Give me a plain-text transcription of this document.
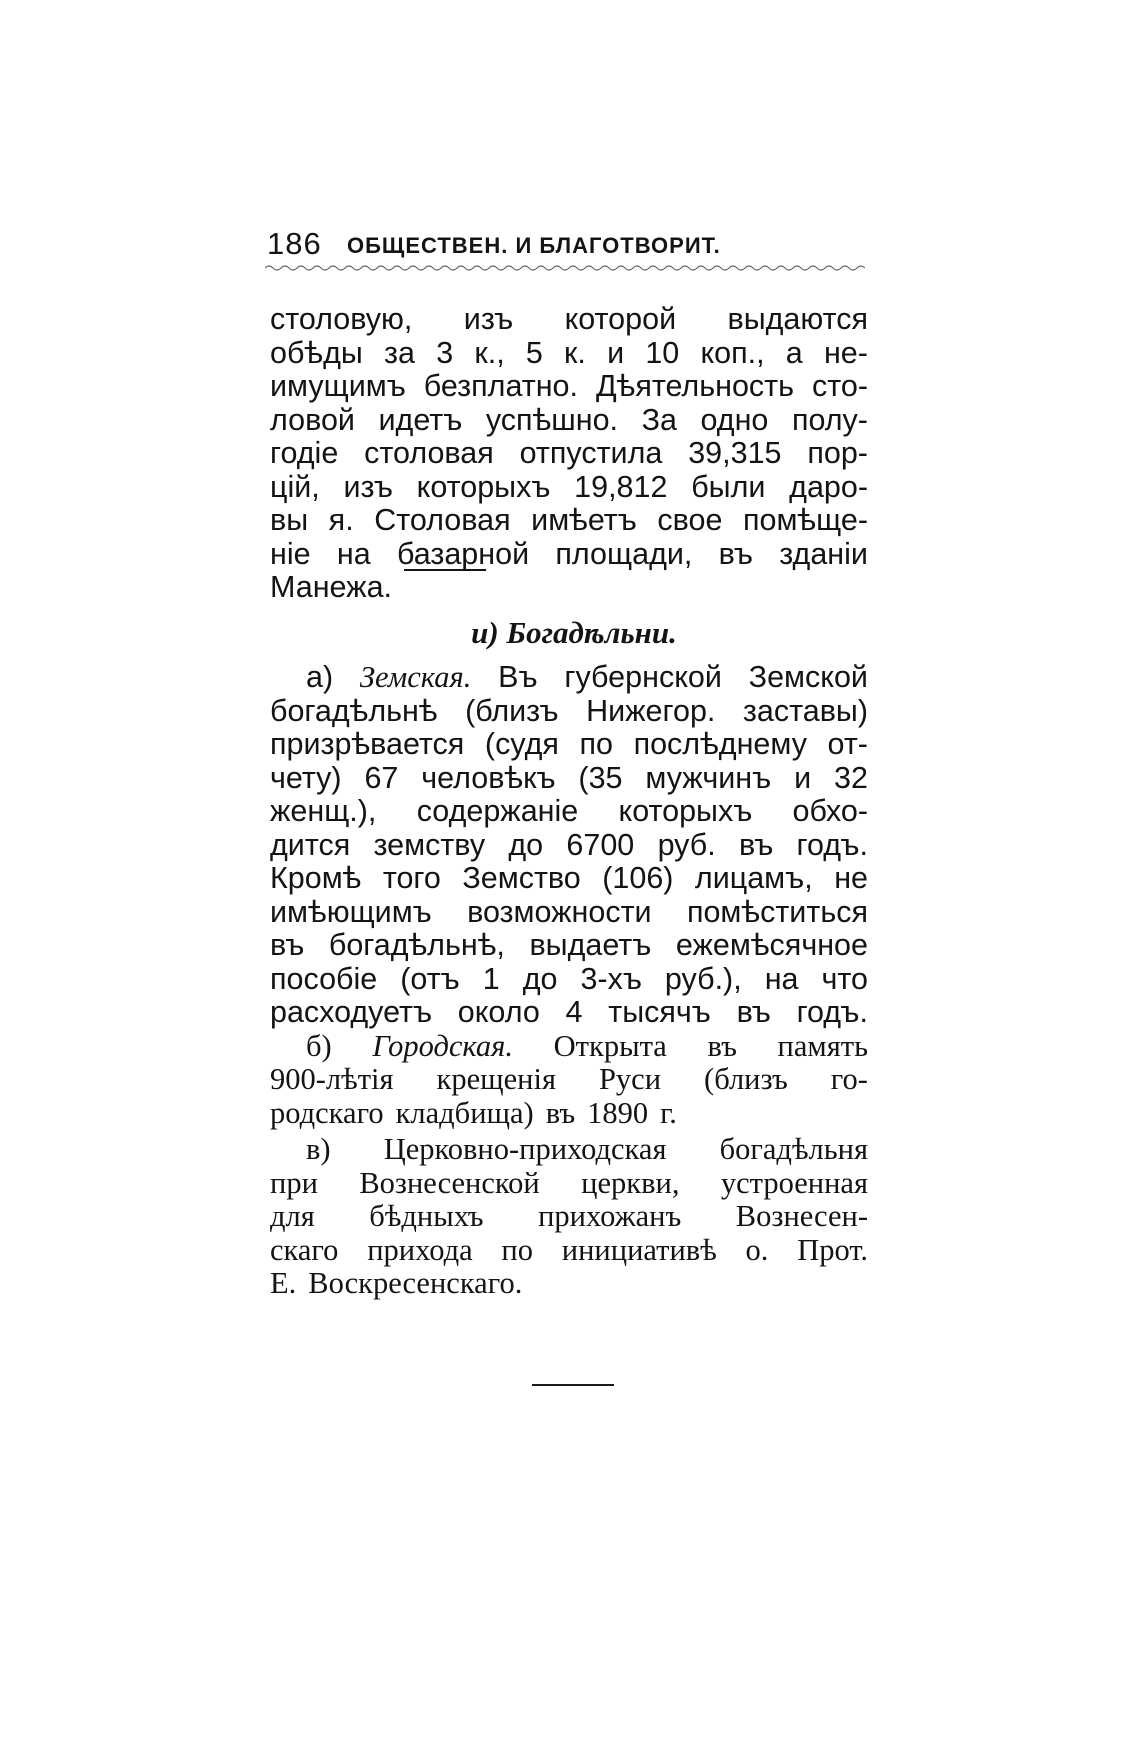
186 ОБЩЕСТВЕН. И БЛАГОТВОРИТ.
столовую, изъ которой выдаются
обѣды за 3 к., 5 к. и 10 коп., а не-
имущимъ безплатно. Дѣятельность сто-
ловой идетъ успѣшно. За одно полу-
годіе столовая отпустила 39,315 пор-
цій, изъ которыхъ 19,812 были даро-
вы я. Столовая имѣетъ свое помѣще-
ніе на базарной площади, въ зданіи
Манежа.
и) Богадѣльни.
а) Земская. Въ губернской Земской
богадѣльнѣ (близъ Нижегор. заставы)
призрѣвается (судя по послѣднему от-
чету) 67 человѣкъ (35 мужчинъ и 32
женщ.), содержаніе которыхъ обхо-
дится земству до 6700 руб. въ годъ.
Кромѣ того Земство (106) лицамъ, не
имѣющимъ возможности помѣститься
въ богадѣльнѣ, выдаетъ ежемѣсячное
пособіе (отъ 1 до 3-хъ руб.), на что
расходуетъ около 4 тысячъ въ годъ.
б) Городская. Открыта въ память
900-лѣтія крещенія Руси (близъ го-
родскаго кладбища) въ 1890 г.
в) Церковно-приходская богадѣльня
при Вознесенской церкви, устроенная
для бѣдныхъ прихожанъ Вознесен-
скаго прихода по инициативѣ о. Прот.
Е. Воскресенскаго.
